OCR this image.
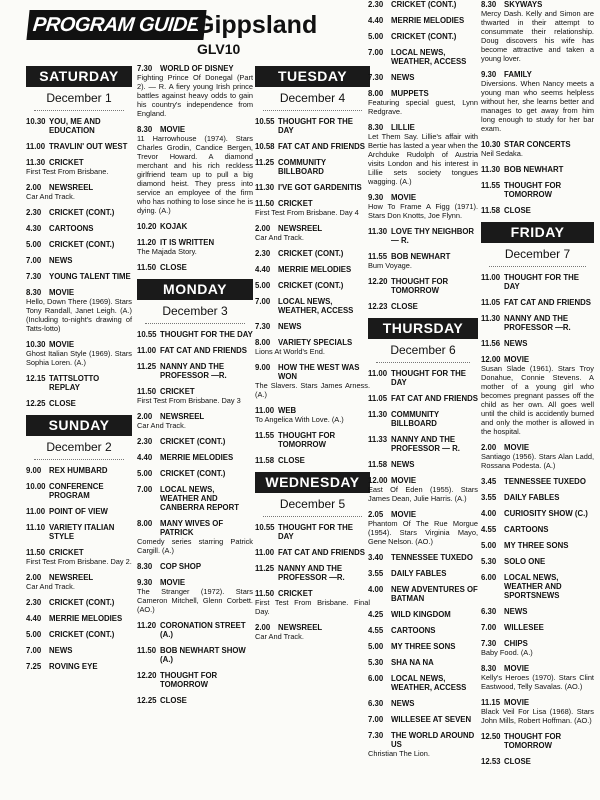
PROGRAM GUIDE
Gippsland
GLV10
SATURDAY
December 1
10.30 YOU, ME AND EDUCATION
11.00 TRAVLIN' OUT WEST
11.30 CRICKET
First Test From Brisbane.
2.00	NEWSREEL
Car And Track.
2.30	CRICKET (CONT.)
4.30	CARTOONS
5.00	CRICKET (CONT.)
7.00	NEWS
7.30	YOUNG TALENT TIME
8.30	MOVIE
Hello, Down There (1969). Stars Tony Randall, Janet Leigh. (A.) (Including to-night's drawing of Tatts-lotto)
10.30 MOVIE
Ghost Italian Style (1969). Stars Sophia Loren. (A.)
12.15 TATTSLOTTO REPLAY
12.25 CLOSE
SUNDAY
December 2
9.00	REX HUMBARD
10.00 CONFERENCE PROGRAM
11.00 POINT OF VIEW
11.10 VARIETY ITALIAN STYLE
11.50 CRICKET
First Test From Brisbane. Day 2.
2.00	NEWSREEL
Car And Track.
2.30	CRICKET (CONT.)
4.40	MERRIE MELODIES
5.00	CRICKET (CONT.)
7.00	NEWS
7.25	ROVING EYE
7.30	WORLD OF DISNEY
Fighting Prince Of Donegal (Part 2). — R. A fiery young Irish prince battles against heavy odds to gain his country's independence from England.
8.30	MOVIE
11 Harrowhouse (1974). Stars Charles Grodin, Candice Bergen, Trevor Howard. A diamond merchant and his rich reckless girlfriend team up to pull a big diamond heist. They press into service an employee of the firm who has nothing to lose since he is dying. (A.)
10.20 KOJAK
11.20 IT IS WRITTEN
The Majada Story.
11.50 CLOSE
MONDAY
December 3
10.55 THOUGHT FOR THE DAY
11.00 FAT CAT AND FRIENDS
11.25 NANNY AND THE PROFESSOR —R.
11.50 CRICKET
First Test From Brisbane. Day 3
2.00	NEWSREEL
Car And Track.
2.30	CRICKET (CONT.)
4.40	MERRIE MELODIES
5.00	CRICKET (CONT.)
7.00	LOCAL NEWS, WEATHER AND CANBERRA REPORT
8.00	MANY WIVES OF PATRICK
Comedy series starring Patrick Cargill. (A.)
8.30	COP SHOP
9.30	MOVIE
The Stranger (1972). Stars Cameron Mitchell, Glenn Corbett. (AO.)
11.20 CORONATION STREET (A.)
11.50 BOB NEWHART SHOW (A.)
12.20 THOUGHT FOR TOMORROW
12.25 CLOSE
TUESDAY
December 4
10.55 THOUGHT FOR THE DAY
10.58 FAT CAT AND FRIENDS
11.25 COMMUNITY BILLBOARD
11.30 I'VE GOT GARDENITIS
11.50 CRICKET
First Test From Brisbane. Day 4
2.00	NEWSREEL
Car And Track.
2.30	CRICKET (CONT.)
4.40	MERRIE MELODIES
5.00	CRICKET (CONT.)
7.00	LOCAL NEWS, WEATHER, ACCESS
7.30	NEWS
8.00	VARIETY SPECIALS
Lions At World's End.
9.00	HOW THE WEST WAS WON
The Slavers. Stars James Arness. (A.)
11.00 WEB
To Angelica With Love. (A.)
11.55 THOUGHT FOR TOMORROW
11.58 CLOSE
WEDNESDAY
December 5
10.55 THOUGHT FOR THE DAY
11.00 FAT CAT AND FRIENDS
11.25 NANNY AND THE PROFESSOR —R.
11.50 CRICKET
First Test From Brisbane. Final Day.
2.00	NEWSREEL
Car And Track.
2.30	CRICKET (CONT.)
4.40	MERRIE MELODIES
5.00	CRICKET (CONT.)
7.00	LOCAL NEWS, WEATHER, ACCESS
7.30	NEWS
8.00	MUPPETS
Featuring special guest, Lynn Redgrave.
8.30	LILLIE
Let Them Say. Lillie's affair with Bertie has lasted a year when the Archduke Rudolph of Austria visits London and his interest in Lillie sets society tongues wagging. (A.)
9.30	MOVIE
How To Frame A Figg (1971). Stars Don Knotts, Joe Flynn.
11.30 LOVE THY NEIGHBOR — R.
11.55 BOB NEWHART
Bum Voyage.
12.20 THOUGHT FOR TOMORROW
12.23 CLOSE
THURSDAY
December 6
11.00 THOUGHT FOR THE DAY
11.05 FAT CAT AND FRIENDS
11.30 COMMUNITY BILLBOARD
11.33 NANNY AND THE PROFESSOR — R.
11.58 NEWS
12.00 MOVIE
East Of Eden (1955). Stars James Dean, Julie Harris. (A.)
2.05	MOVIE
Phantom Of The Rue Morgue (1954). Stars Virginia Mayo, Gene Nelson. (AO.)
3.40	TENNESSEE TUXEDO
3.55	DAILY FABLES
4.00	NEW ADVENTURES OF BATMAN
4.25	WILD KINGDOM
4.55	CARTOONS
5.00	MY THREE SONS
5.30	SHA NA NA
6.00	LOCAL NEWS, WEATHER, ACCESS
6.30	NEWS
7.00	WILLESEE AT SEVEN
7.30	THE WORLD AROUND US
Christian The Lion.
8.30	SKYWAYS
Mercy Dash. Kelly and Simon are thwarted in their attempt to consummate their relationship. Doug discovers his wife has become attractive and taken a young lover.
9.30	FAMILY
Diversions. When Nancy meets a young man who seems helpless without her, she learns better and manages to get away from him long enough to study for her bar exam.
10.30 STAR CONCERTS
Neil Sedaka.
11.30 BOB NEWHART
11.55 THOUGHT FOR TOMORROW
11.58 CLOSE
FRIDAY
December 7
11.00 THOUGHT FOR THE DAY
11.05 FAT CAT AND FRIENDS
11.30 NANNY AND THE PROFESSOR —R.
11.56 NEWS
12.00 MOVIE
Susan Slade (1961). Stars Troy Donahue, Connie Stevens. A mother of a young girl who becomes pregnant passes off the child as her own. All goes well until the child is accidently burned and only the mother is allowed in the hospital.
2.00	MOVIE
Santiago (1956). Stars Alan Ladd, Rossana Podesta. (A.)
3.45	TENNESSEE TUXEDO
3.55	DAILY FABLES
4.00	CURIOSITY SHOW (C.)
4.55	CARTOONS
5.00	MY THREE SONS
5.30	SOLO ONE
6.00	LOCAL NEWS, WEATHER AND SPORTSNEWS
6.30	NEWS
7.00	WILLESEE
7.30	CHIPS
Baby Food. (A.)
8.30	MOVIE
Kelly's Heroes (1970). Stars Clint Eastwood, Telly Savalas. (AO.)
11.15 MOVIE
Black Veil For Lisa (1968). Stars John Mills, Robert Hoffman. (AO.)
12.50 THOUGHT FOR TOMORROW
12.53 CLOSE
